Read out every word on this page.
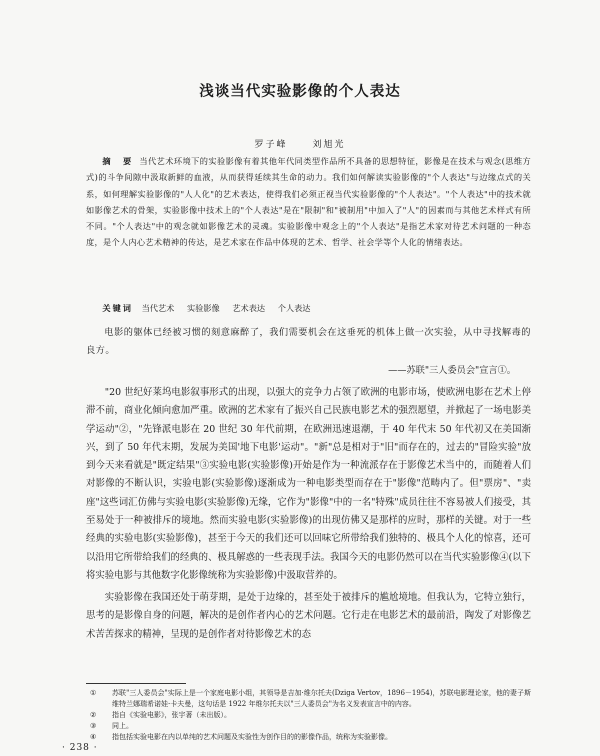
浅谈当代实验影像的个人表达
罗子峰	刘旭光

摘　要 当代艺术环境下的实验影像有着其他年代同类型作品所不具备的思想特征，影像是在技术与观念(思维方式)的斗争间隙中汲取新鲜的血液，从而获得延续其生命的动力。我们如何解读实验影像的"个人表达"与边缘点式的关系，如何理解实验影像的"人人化"的艺术表达，使得我们必须正视当代实验影像的"个人表达"。"个人表达"中的技术就如影像艺术的骨架，实验影像中技术上的"个人表达"是在"限制"和"被制用"中加入了"人"的因素而与其他艺术样式有所不同。"个人表达"中的观念就如影像艺术的灵魂。实验影像中观念上的"个人表达"是指艺术家对待艺术问题的一种态度，是个人内心艺术精神的传达，是艺术家在作品中体现的艺术、哲学、社会学等个人化的情绪表达。

关键词 当代艺术 实验影像 艺术表达 个人表达

电影的躯体已经被习惯的刻意麻醉了，我们需要机会在这垂死的机体上做一次实验，从中寻找解毒的良方。

——苏联"三人委员会"宣言①。

"20 世纪好莱坞电影叙事形式的出现，以强大的竞争力占领了欧洲的电影市场，使欧洲电影在艺术上停滞不前，商业化倾向愈加严重。欧洲的艺术家有了振兴自己民族电影艺术的强烈愿望，并掀起了一场电影美学运动"②，"先锋派电影在 20 世纪 30 年代前期，在欧洲迅速退潮，于 40 年代末 50 年代初又在美国渐兴，到了 50 年代末期，发展为美国'地下电影'运动"。"新"总是相对于"旧"而存在的，过去的"冒险实验"放到今天来看就是"既定结果"③实验电影(实验影像)开始是作为一种流派存在于影像艺术当中的，而随着人们对影像的不断认识，实验电影(实验影像)逐渐成为一种电影类型而存在于"影像"范畴内了。但"票房"、"卖座"这些词汇仿佛与实验电影(实验影像)无缘，它作为"影像"中的一名"特殊"成员往往不容易被人们接受，其至易处于一种被排斥的境地。然而实验电影(实验影像)的出现仿佛又是那样的应时，那样的关键。对于一些经典的实验电影(实验影像)，甚至于今天的我们还可以回味它所带给我们独特的、极具个人化的惊喜，还可以沿用它所带给我们的经典的、极具解惑的一些表现手法。我国今天的电影仍然可以在当代实验影像④(以下将实验电影与其他数字化影像统称为实验影像)中汲取营养的。

实验影像在我国还处于萌芽期，是处于边缘的，甚至处于被排斥的尴尬境地。但我认为，它特立独行，思考的是影像自身的问题，解决的是创作者内心的艺术问题。它行走在电影艺术的最前沿，陶发了对影像艺术苦苦探求的精神，呈现的是创作者对待影像艺术的态

①	苏联"三人委员会"实际上是一个家庭电影小组，其领导是吉加·维尔托夫(Dziga Vertov，1896－1954)，苏联电影理论家，他的妻子斯维特兰娜瑞希诺娃·卡夫曼，这句话是 1922 年维尔托夫以"三人委员会"为名义发表宣言中的内容。
②	指自《实验电影》，张宇著（未出版）。
③	同上。
④	指包括实验电影在内以单纯的艺术问题及实验性为创作目的的影像作品，统称为实验影像。
· 238 ·
